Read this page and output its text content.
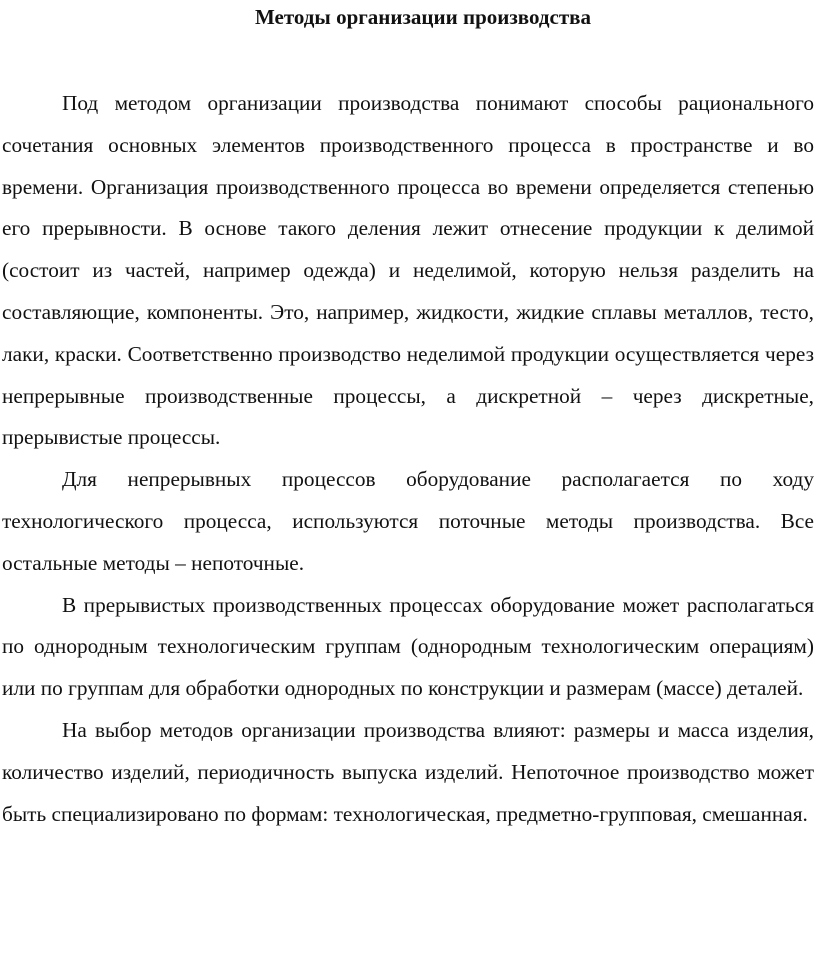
Методы организации производства

Под методом организации производства понимают способы рационального сочетания основных элементов производственного процесса в пространстве и во времени. Организация производственного процесса во времени определяется степенью его прерывности. В основе такого деления лежит отнесение продукции к делимой (состоит из частей, например одежда) и неделимой, которую нельзя разделить на составляющие, компоненты. Это, например, жидкости, жидкие сплавы металлов, тесто, лаки, краски. Соответственно производство неделимой продукции осуществляется через непрерывные производственные процессы, а дискретной – через дискретные, прерывистые процессы.

Для непрерывных процессов оборудование располагается по ходу технологического процесса, используются поточные методы производства. Все остальные методы – непоточные.

В прерывистых производственных процессах оборудование может располагаться по однородным технологическим группам (однородным технологическим операциям) или по группам для обработки однородных по конструкции и размерам (массе) деталей.

На выбор методов организации производства влияют: размеры и масса изделия, количество изделий, периодичность выпуска изделий. Непоточное производство может быть специализировано по формам: технологическая, предметно-групповая, смешанная.
